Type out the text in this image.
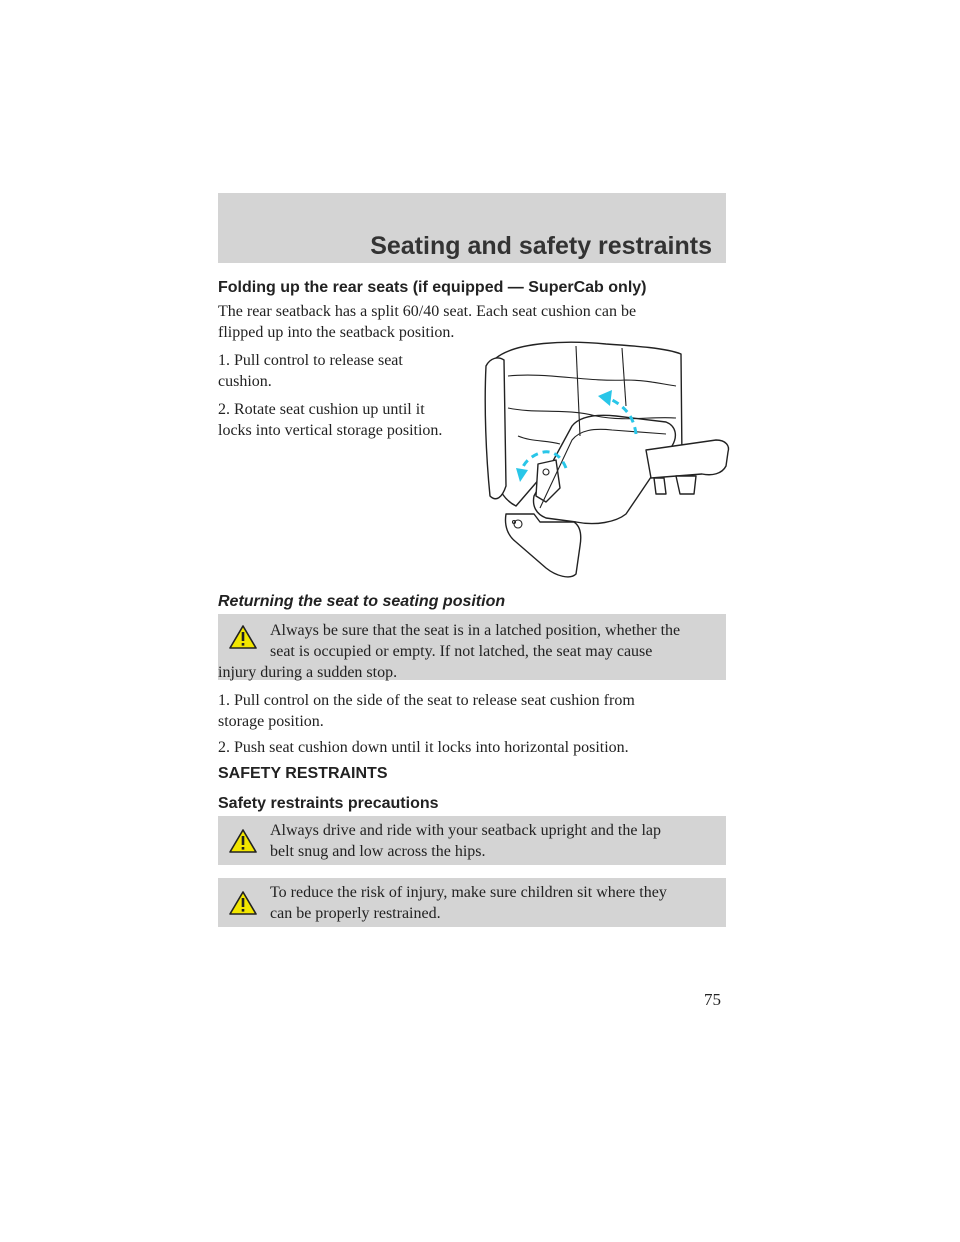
Seating and safety restraints
Folding up the rear seats (if equipped — SuperCab only)
The rear seatback has a split 60/40 seat. Each seat cushion can be
flipped up into the seatback position.
1. Pull control to release seat
cushion.
2. Rotate seat cushion up until it
locks into vertical storage position.
Returning the seat to seating position
Always be sure that the seat is in a latched position, whether the
seat is occupied or empty. If not latched, the seat may cause
injury during a sudden stop.
1. Pull control on the side of the seat to release seat cushion from
storage position.
2. Push seat cushion down until it locks into horizontal position.
SAFETY RESTRAINTS
Safety restraints precautions
Always drive and ride with your seatback upright and the lap
belt snug and low across the hips.
To reduce the risk of injury, make sure children sit where they
can be properly restrained.
75
